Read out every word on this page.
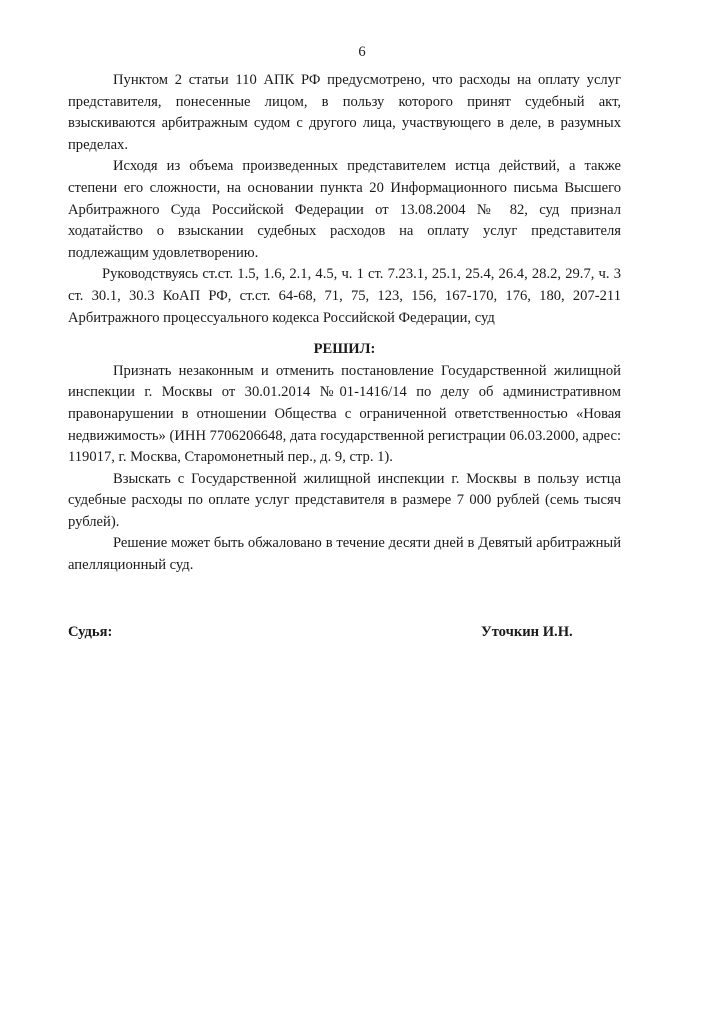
6

Пунктом 2 статьи 110 АПК РФ предусмотрено, что расходы на оплату услуг представителя, понесенные лицом, в пользу которого принят судебный акт, взыскиваются арбитражным судом с другого лица, участвующего в деле, в разумных пределах.

Исходя из объема произведенных представителем истца действий, а также степени его сложности, на основании пункта 20 Информационного письма Высшего Арбитражного Суда Российской Федерации от 13.08.2004 № 82, суд признал ходатайство о взыскании судебных расходов на оплату услуг представителя подлежащим удовлетворению.

Руководствуясь ст.ст. 1.5, 1.6, 2.1, 4.5, ч. 1 ст. 7.23.1, 25.1, 25.4, 26.4, 28.2, 29.7, ч. 3 ст. 30.1, 30.3 КоАП РФ, ст.ст. 64-68, 71, 75, 123, 156, 167-170, 176, 180, 207-211 Арбитражного процессуального кодекса Российской Федерации, суд

РЕШИЛ:

Признать незаконным и отменить постановление Государственной жилищной инспекции г. Москвы от 30.01.2014 №01-1416/14 по делу об административном правонарушении в отношении Общества с ограниченной ответственностью «Новая недвижимость» (ИНН 7706206648, дата государственной регистрации 06.03.2000, адрес: 119017, г. Москва, Старомонетный пер., д. 9, стр. 1).

Взыскать с Государственной жилищной инспекции г. Москвы в пользу истца судебные расходы по оплате услуг представителя в размере 7 000 рублей (семь тысяч рублей).

Решение может быть обжаловано в течение десяти дней в Девятый арбитражный апелляционный суд.

Судья:	Уточкин И.Н.
